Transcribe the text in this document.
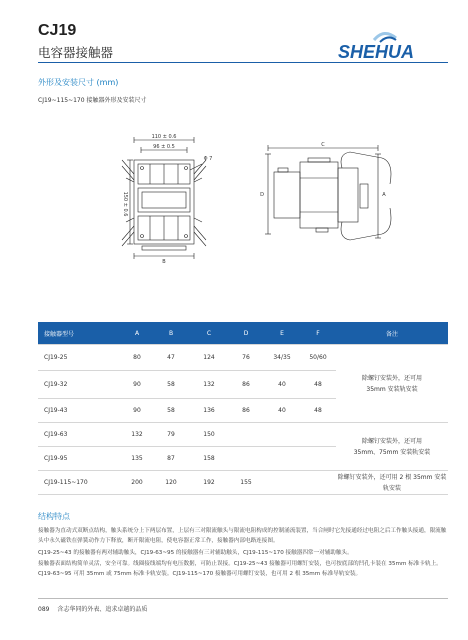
CJ19
电容器接触器	SHEHUA
外形及安装尺寸 (mm)
CJ19~115~170 接触器外形及安装尺寸
110 ± 0.6
96 ± 0.5
Φ 7
150 ± 0.6
B
C
D	A
接触器型号	A	B	C	D	E	F	备注
CJ19-25	80	47	124	76	34/35	50/60	除螺钉安装外，还可用
35mm 安装轨安装

CJ19-32	90	58	132	86	40	48	
CJ19-43	90	58	136	86	40	48	
CJ19-63	132	79	150				除螺钉安装外，还可用
35mm、75mm 安装轨安装

CJ19-95	135	87	158				
CJ19-115~170	200	120	192	155			除螺钉安装外，还可用 2 根 35mm 安装轨安装
结构特点

接触器为直动式双断点结构，触头系统分上下两层布置，上层有三对限流触头与限流电阻构成的控制涌流装置，当合闸时它先接通经过电阻之后工作触头接通，限流触头中永久磁铁在弹簧动作力下释放，断开限流电阻，使电容器正常工作，接触器内部电路连接图。

CJ19-25~43 的接触器有两对辅助触头，CJ19-63~95 的接触器有三对辅助触头，CJ19-115~170 接触器四常一对辅助触头。

接触器表面结构简单灵活，安全可靠。线圈接线端均有电压数据，可防止误接。CJ19-25~43 接触器可用螺钉安装，也可按底部的凹孔卡装在 35mm 标准卡轨上。CJ19-63~95 可用 35mm 或 75mm 标准卡轨安装。CJ19-115~170 接触器可用螺钉安装，也可用 2 根 35mm 标准导轨安装。

089 含志华同的外表、追求卓越的品质
